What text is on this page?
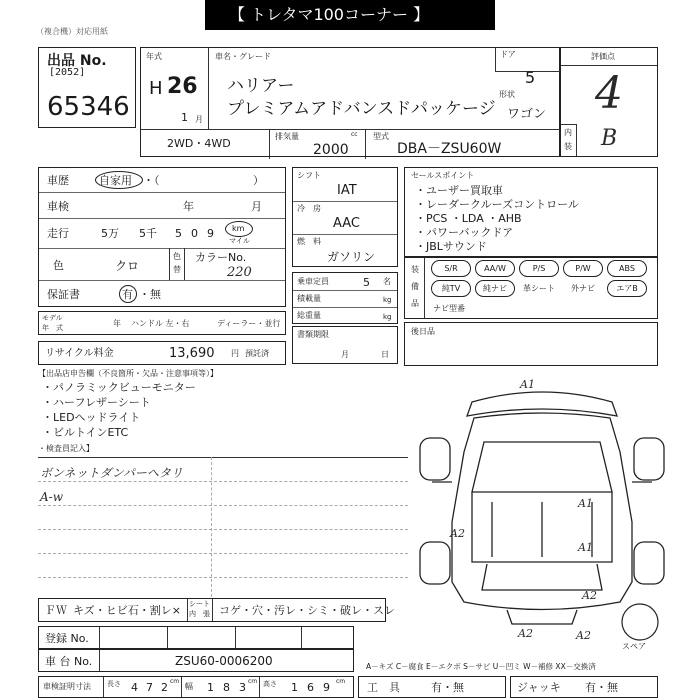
【 トレタマ100コーナー 】
（複合機）対応用紙
出品 No.
[2052]
65346
年式
H 26
1 月
車名・グレード
ハリアー
プレミアムアドバンスドパッケージ
ドア
5
形状
ワゴン
2WD・4WD
排気量	cc
2000
型式
DBA－ZSU60W
評価点
4
内
装 B
車歴	自家用 ・（	）
車検	年	月
走行	5万 5千 5 0 9 km
マイル
色	クロ
色
替
カラーNo.
220
保証書	有 ・無
モデル
年　式	年 ハンドル 左・右	ディーラー・並行
リサイクル料金	13,690 円 預託済
【出品店申告欄（不良箇所・欠品・注意事項等）】
・パノラミックビューモニター
・ハーフレザーシート
・LEDヘッドライト
・ビルトインETC
・検査員記入】
ボンネットダンパーへタリ
A-w
シフト
IAT
冷　房
AAC
燃　料
ガソリン
セールスポイント
・ユーザー買取車
・レーダークルーズコントロール
・PCS ・LDA ・AHB
・パワーバックドア
・JBLサウンド
装
備
品
S/R	AA/W	P/S	P/W	ABS
純TV	純ナビ	革シート 外ナビ	エアB
ナビ型番
乗車定員	5 名
積載量	kg
総重量	kg
書類期限
月	日
後日品
A1
A1
A2
A1
A2
A2	A2
スペア
ＦＷ キズ・ヒビ石・割レ× シート
内　張 コゲ・穴・汚レ・シミ・破レ・スレ
登録 No.
車 台 No.	ZSU60-0006200	A－キズ C－腐食 E－エクボ S－サビ U－凹ミ W－補修 XX－交換済
車検証明寸法 長さ 4 7 2 cm
幅 1 8 3 cm 高さ 1 6 9 cm 工　具	有・無	ジャッキ 有・無
